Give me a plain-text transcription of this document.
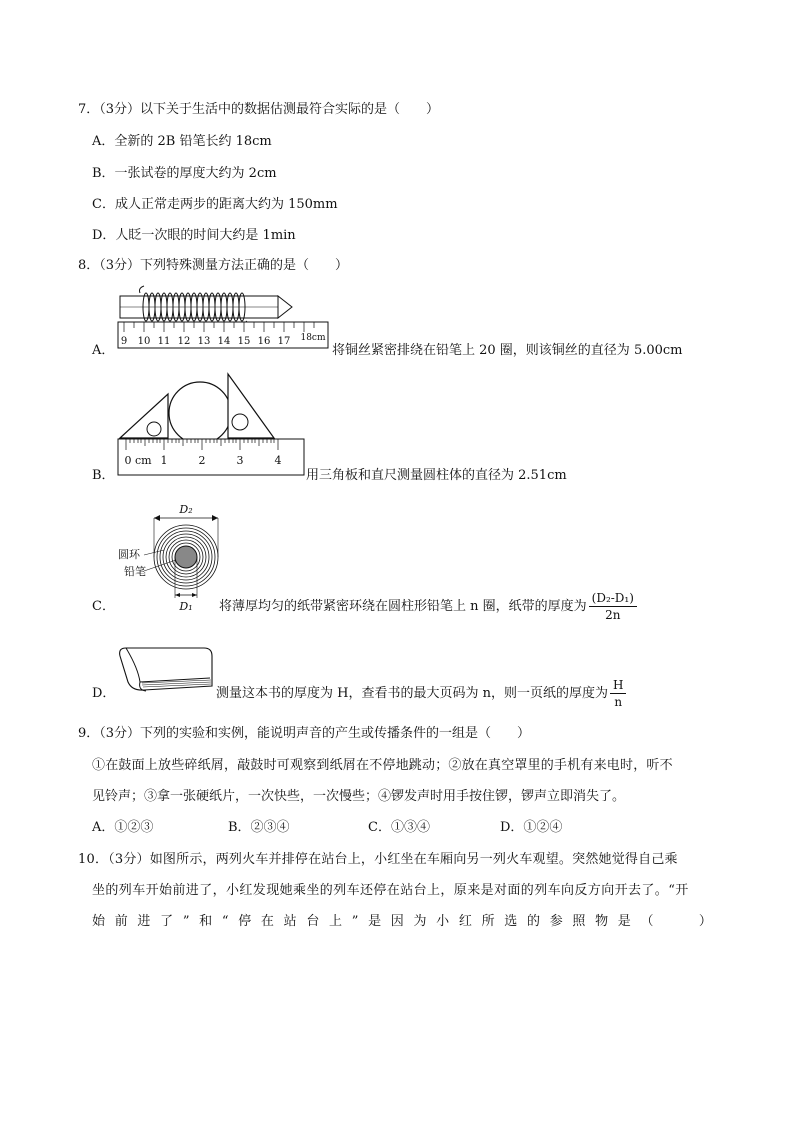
7．（3分）以下关于生活中的数据估测最符合实际的是（　　）
A．全新的 2B 铅笔长约 18cm
B．一张试卷的厚度大约为 2cm
C．成人正常走两步的距离大约为 150mm
D．人眨一次眼的时间大约是 1min
8．（3分）下列特殊测量方法正确的是（　　）
A．
9 10 11 12 13 14 15 16 17 18cm
将铜丝紧密排绕在铅笔上 20 圈，则该铜丝的直径为 5.00cm
B．
0 cm 1	2	3	4
用三角板和直尺测量圆柱体的直径为 2.51cm
C．
D₂
D₁
圆环
铅笔
将薄厚均匀的纸带紧密环绕在圆柱形铅笔上 n 圈，纸带的厚度为 $\frac{\text{(D₂-D₁)}}{2n}$
D．	测量这本书的厚度为 H，查看书的最大页码为 n，则一页纸的厚度为 $\frac{H}{n}$
9．（3分）下列的实验和实例，能说明声音的产生或传播条件的一组是（　　）
①在鼓面上放些碎纸屑，敲鼓时可观察到纸屑在不停地跳动；②放在真空罩里的手机有来电时，听不
见铃声；③拿一张硬纸片，一次快些，一次慢些；④锣发声时用手按住锣，锣声立即消失了。
A．①②③	B．②③④	C．①③④	D．①②④
10．（3分）如图所示，两列火车并排停在站台上，小红坐在车厢向另一列火车观望。突然她觉得自己乘
坐的列车开始前进了，小红发现她乘坐的列车还停在站台上，原来是对面的列车向反方向开去了。“开
始 前 进 了 ” 和 “ 停 在 站 台 上 ” 是 因 为 小 红 所 选 的 参 照 物 是 （
　　	）
